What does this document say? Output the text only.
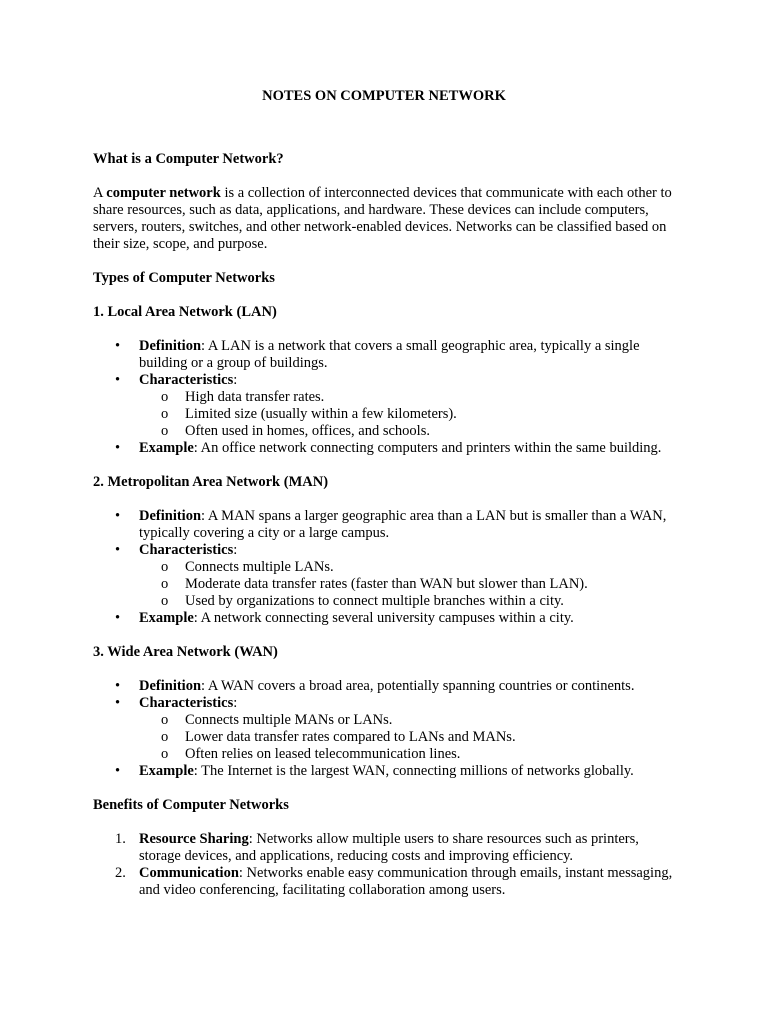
NOTES ON COMPUTER NETWORK
What is a Computer Network?

A computer network is a collection of interconnected devices that communicate with each other to share resources, such as data, applications, and hardware. These devices can include computers, servers, routers, switches, and other network-enabled devices. Networks can be classified based on their size, scope, and purpose.

Types of Computer Networks
1. Local Area Network (LAN)
• Definition: A LAN is a network that covers a small geographic area, typically a single building or a group of buildings.
• Characteristics:
o High data transfer rates.
o Limited size (usually within a few kilometers).
o Often used in homes, offices, and schools.
• Example: An office network connecting computers and printers within the same building.
2. Metropolitan Area Network (MAN)
• Definition: A MAN spans a larger geographic area than a LAN but is smaller than a WAN, typically covering a city or a large campus.
• Characteristics:
o Connects multiple LANs.
o Moderate data transfer rates (faster than WAN but slower than LAN).
o Used by organizations to connect multiple branches within a city.
• Example: A network connecting several university campuses within a city.
3. Wide Area Network (WAN)
• Definition: A WAN covers a broad area, potentially spanning countries or continents.
• Characteristics:
o Connects multiple MANs or LANs.
o Lower data transfer rates compared to LANs and MANs.
o Often relies on leased telecommunication lines.
• Example: The Internet is the largest WAN, connecting millions of networks globally.
Benefits of Computer Networks
1. Resource Sharing: Networks allow multiple users to share resources such as printers, storage devices, and applications, reducing costs and improving efficiency.
2. Communication: Networks enable easy communication through emails, instant messaging, and video conferencing, facilitating collaboration among users.
